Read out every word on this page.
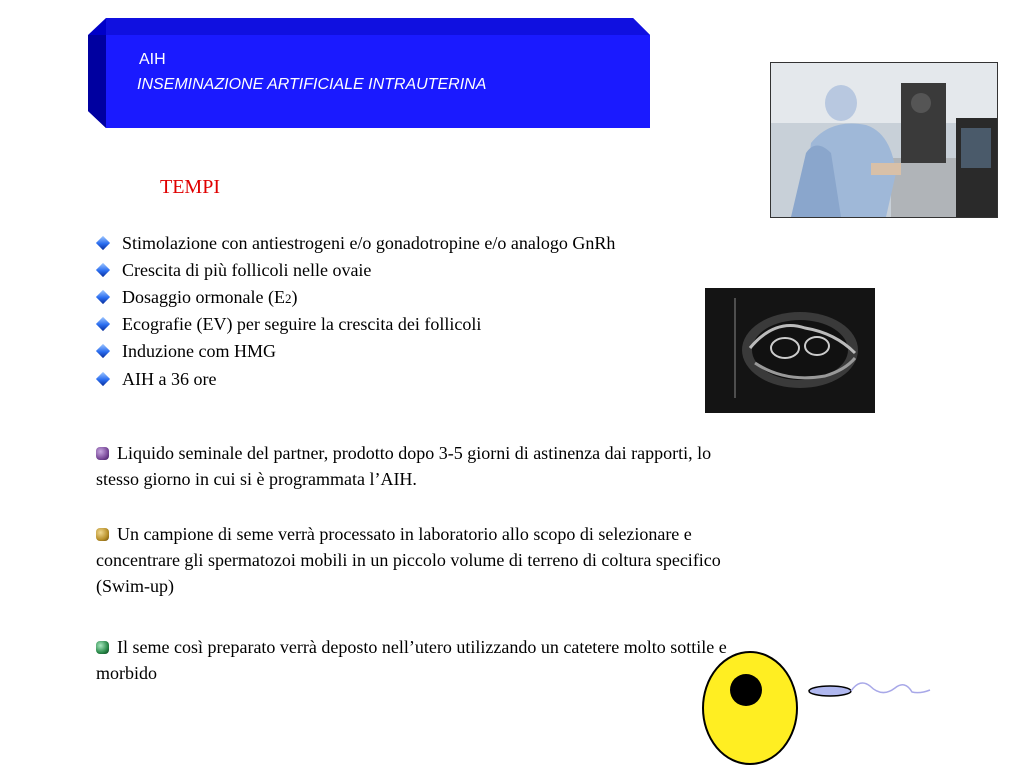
AIH
INSEMINAZIONE ARTIFICIALE INTRAUTERINA
TEMPI
Stimolazione con antiestrogeni e/o gonadotropine e/o analogo GnRh
Crescita di più follicoli nelle ovaie
Dosaggio ormonale (E2)
Ecografie (EV) per seguire la crescita dei follicoli
Induzione com HMG
AIH a 36 ore
Liquido seminale del partner, prodotto dopo 3-5 giorni di astinenza dai rapporti, lo stesso giorno in cui si è programmata l’AIH.
Un campione di seme verrà processato in laboratorio allo scopo di selezionare e concentrare gli spermatozoi mobili in un piccolo volume di terreno di coltura specifico (Swim-up)
Il seme così preparato verrà deposto nell’utero utilizzando un catetere molto sottile e morbido
